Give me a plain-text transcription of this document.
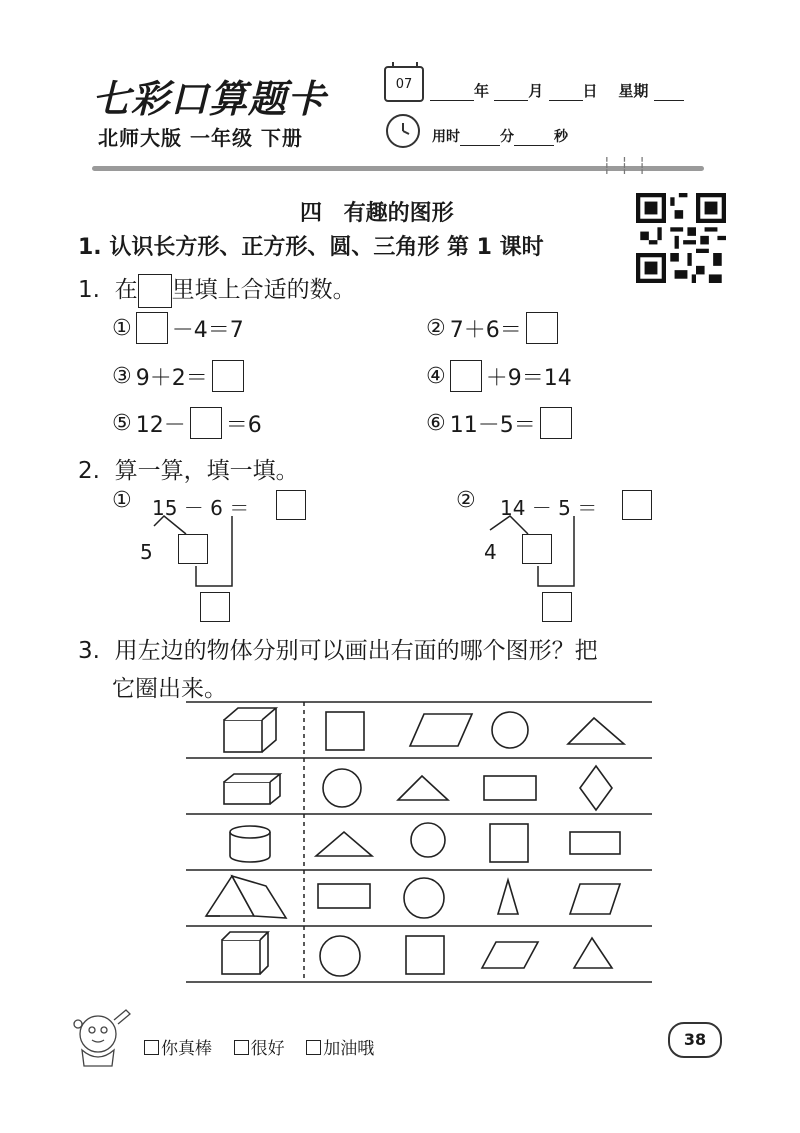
七彩口算题卡
北师大版 一年级 下册
07	年	月	日 星期
用时	分	秒
┆┆┆
四 有趣的图形
1. 认识长方形、正方形、圆、三角形 第 1 课时
1. 在 里填上合适的数。
① －4＝7	② 7＋6＝
③ 9＋2＝	④ ＋9＝14
⑤ 12－ ＝6	⑥ 11－5＝
2. 算一算，填一填。
① 15 － 6 ＝
5
② 14 － 5 ＝
4
3. 用左边的物体分别可以画出右面的哪个图形？把
它圈出来。
你真棒 很好 加油哦	38
